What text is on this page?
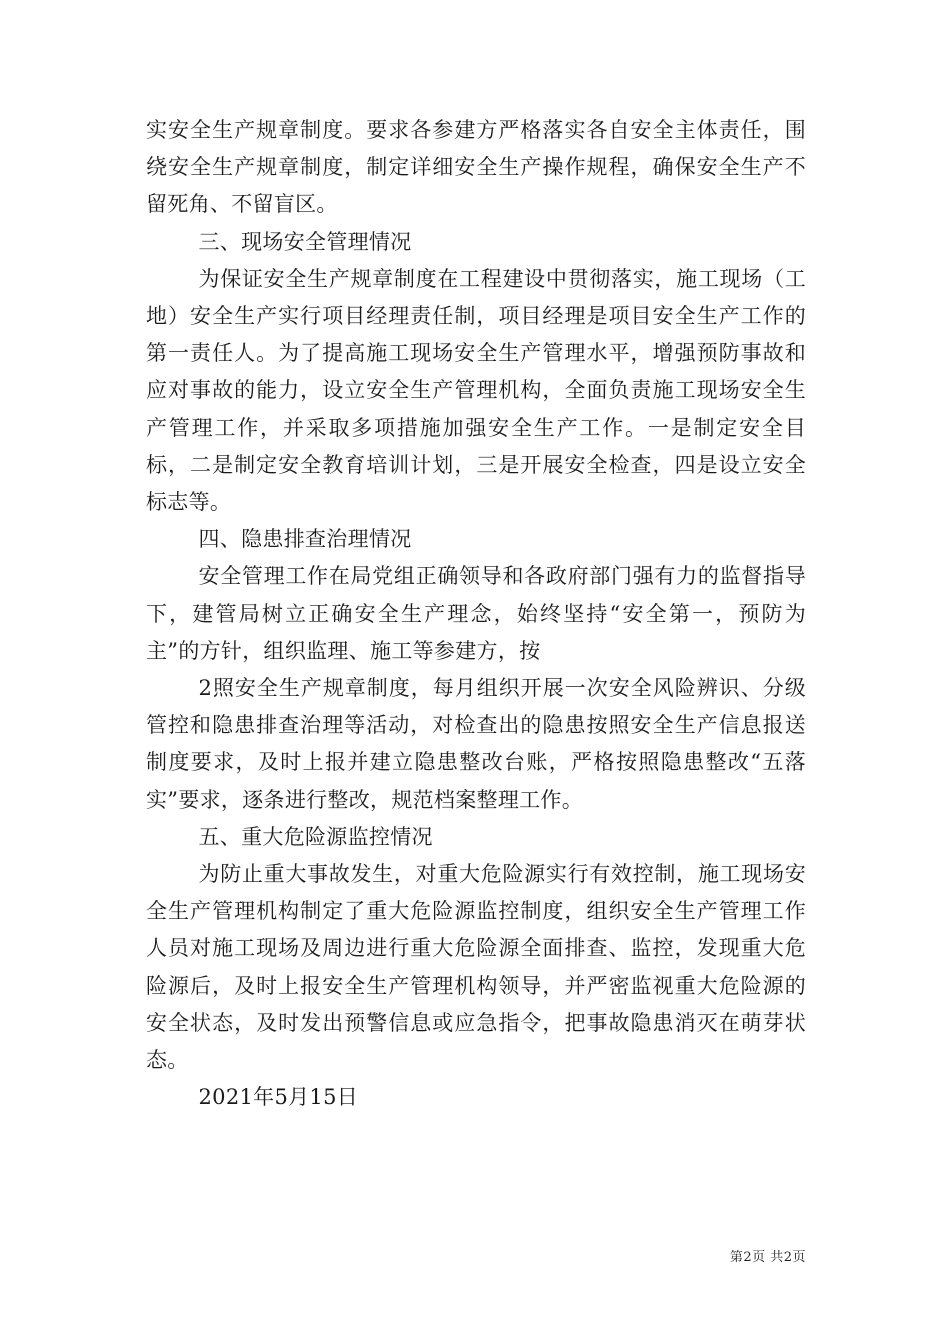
实安全生产规章制度。要求各参建方严格落实各自安全主体责任，围绕安全生产规章制度，制定详细安全生产操作规程，确保安全生产不留死角、不留盲区。

三、现场安全管理情况

为保证安全生产规章制度在工程建设中贯彻落实，施工现场（工地）安全生产实行项目经理责任制，项目经理是项目安全生产工作的第一责任人。为了提高施工现场安全生产管理水平，增强预防事故和应对事故的能力，设立安全生产管理机构，全面负责施工现场安全生产管理工作，并采取多项措施加强安全生产工作。一是制定安全目标，二是制定安全教育培训计划，三是开展安全检查，四是设立安全标志等。

四、隐患排查治理情况

安全管理工作在局党组正确领导和各政府部门强有力的监督指导下，建管局树立正确安全生产理念，始终坚持“安全第一，预防为主”的方针，组织监理、施工等参建方，按

2照安全生产规章制度，每月组织开展一次安全风险辨识、分级管控和隐患排查治理等活动，对检查出的隐患按照安全生产信息报送制度要求，及时上报并建立隐患整改台账，严格按照隐患整改“五落实”要求，逐条进行整改，规范档案整理工作。

五、重大危险源监控情况

为防止重大事故发生，对重大危险源实行有效控制，施工现场安全生产管理机构制定了重大危险源监控制度，组织安全生产管理工作人员对施工现场及周边进行重大危险源全面排查、监控，发现重大危险源后，及时上报安全生产管理机构领导，并严密监视重大危险源的安全状态，及时发出预警信息或应急指令，把事故隐患消灭在萌芽状态。

2021年5月15日

第2页 共2页
